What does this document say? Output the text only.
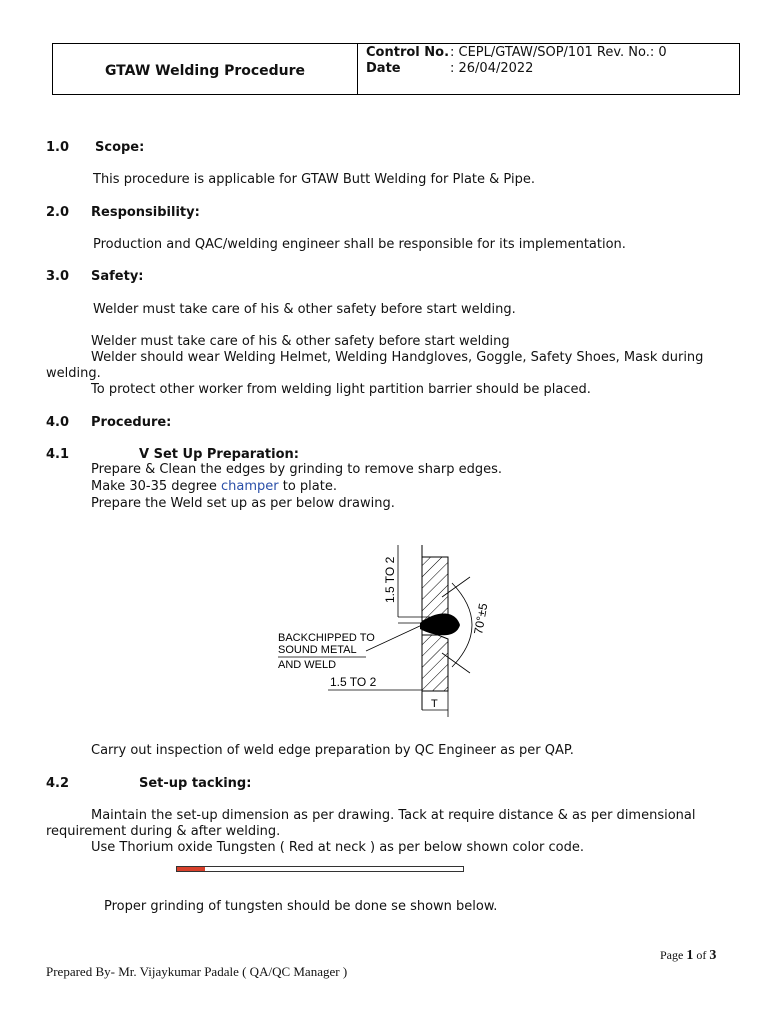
GTAW Welding Procedure
Control No.: CEPL/GTAW/SOP/101 Rev. No.: 0
Date	: 26/04/2022
1.0 Scope:
This procedure is applicable for GTAW Butt Welding for Plate & Pipe.
2.0 Responsibility:
Production and QAC/welding engineer shall be responsible for its implementation.
3.0 Safety:
Welder must take care of his & other safety before start welding.
Welder must take care of his & other safety before start welding
Welder should wear Welding Helmet, Welding Handgloves, Goggle, Safety Shoes, Mask during
welding.
To protect other worker from welding light partition barrier should be placed.
4.0 Procedure:
4.1	V Set Up Preparation:
Prepare & Clean the edges by grinding to remove sharp edges.
Make 30-35 degree champer to plate.
Prepare the Weld set up as per below drawing.
1.5 TO 2
70°±5
BACKCHIPPED TO
SOUND METAL
AND WELD
1.5 TO 2
T
Carry out inspection of weld edge preparation by QC Engineer as per QAP.
4.2	Set-up tacking:
Maintain the set-up dimension as per drawing. Tack at require distance & as per dimensional
requirement during & after welding.
Use Thorium oxide Tungsten ( Red at neck ) as per below shown color code.
Proper grinding of tungsten should be done se shown below.
Page 1 of 3
Prepared By- Mr. Vijaykumar Padale ( QA/QC Manager )
